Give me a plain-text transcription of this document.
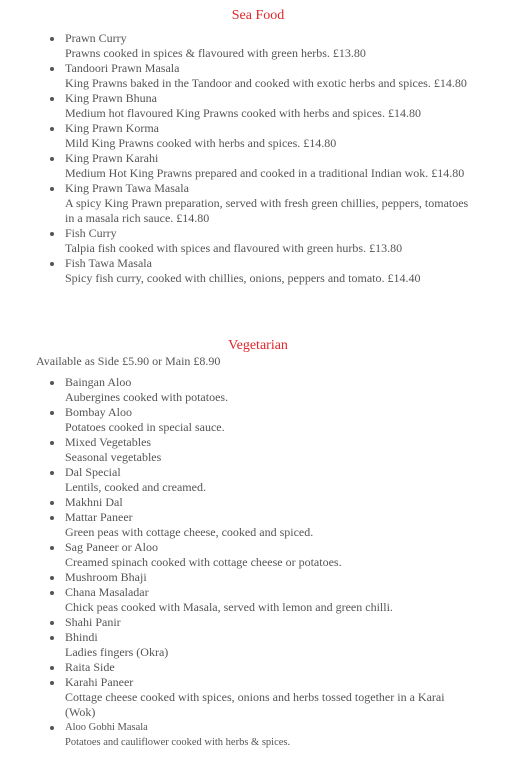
Sea Food
Prawn Curry
Prawns cooked in spices & flavoured with green herbs. £13.80
Tandoori Prawn Masala
King Prawns baked in the Tandoor and cooked with exotic herbs and spices. £14.80
King Prawn Bhuna
Medium hot flavoured King Prawns cooked with herbs and spices. £14.80
King Prawn Korma
Mild King Prawns cooked with herbs and spices. £14.80
King Prawn Karahi
Medium Hot King Prawns prepared and cooked in a traditional Indian wok. £14.80
King Prawn Tawa Masala
A spicy King Prawn preparation, served with fresh green chillies, peppers, tomatoes in a masala rich sauce. £14.80
Fish Curry
Talpia fish cooked with spices and flavoured with green hurbs. £13.80
Fish Tawa Masala
Spicy fish curry, cooked with chillies, onions, peppers and tomato. £14.40
Vegetarian
Available as Side £5.90 or Main £8.90
Baingan Aloo
Aubergines cooked with potatoes.
Bombay Aloo
Potatoes cooked in special sauce.
Mixed Vegetables
Seasonal vegetables
Dal Special
Lentils, cooked and creamed.
Makhni Dal
Mattar Paneer
Green peas with cottage cheese, cooked and spiced.
Sag Paneer or Aloo
Creamed spinach cooked with cottage cheese or potatoes.
Mushroom Bhaji
Chana Masaladar
Chick peas cooked with Masala, served with lemon and green chilli.
Shahi Panir
Bhindi
Ladies fingers (Okra)
Raita Side
Karahi Paneer
Cottage cheese cooked with spices, onions and herbs tossed together in a Karai (Wok)
Aloo Gobhi Masala
Potatoes and cauliflower cooked with herbs & spices.
